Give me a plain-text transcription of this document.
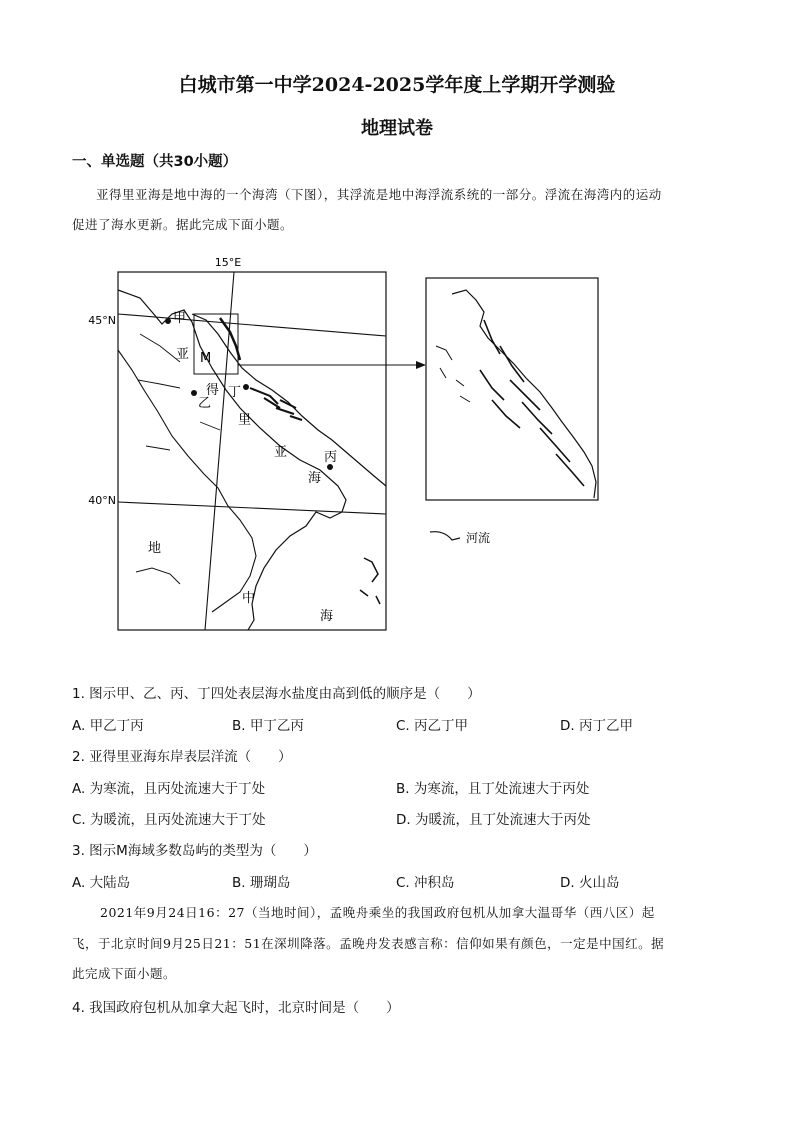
白城市第一中学2024-2025学年度上学期开学测验
地理试卷
一、单选题（共30小题）
亚得里亚海是地中海的一个海湾（下图），其浮流是地中海浮流系统的一部分。浮流在海湾内的运动
促进了海水更新。据此完成下面小题。
15°E
45°N
40°N
甲
乙
丁
丙
M
亚
得
里
亚
海
地
中
海
河流
1. 图示甲、乙、丙、丁四处表层海水盐度由高到低的顺序是（　　）
A. 甲乙丁丙	B. 甲丁乙丙	C. 丙乙丁甲	D. 丙丁乙甲
2. 亚得里亚海东岸表层洋流（　　）
A. 为寒流，且丙处流速大于丁处	B. 为寒流，且丁处流速大于丙处
C. 为暖流，且丙处流速大于丁处	D. 为暖流，且丁处流速大于丙处
3. 图示M海域多数岛屿的类型为（　　）
A. 大陆岛	B. 珊瑚岛	C. 冲积岛	D. 火山岛
2021年9月24日16：27（当地时间），孟晚舟乘坐的我国政府包机从加拿大温哥华（西八区）起
飞，于北京时间9月25日21：51在深圳降落。孟晚舟发表感言称：信仰如果有颜色，一定是中国红。据
此完成下面小题。
4. 我国政府包机从加拿大起飞时，北京时间是（　　）
